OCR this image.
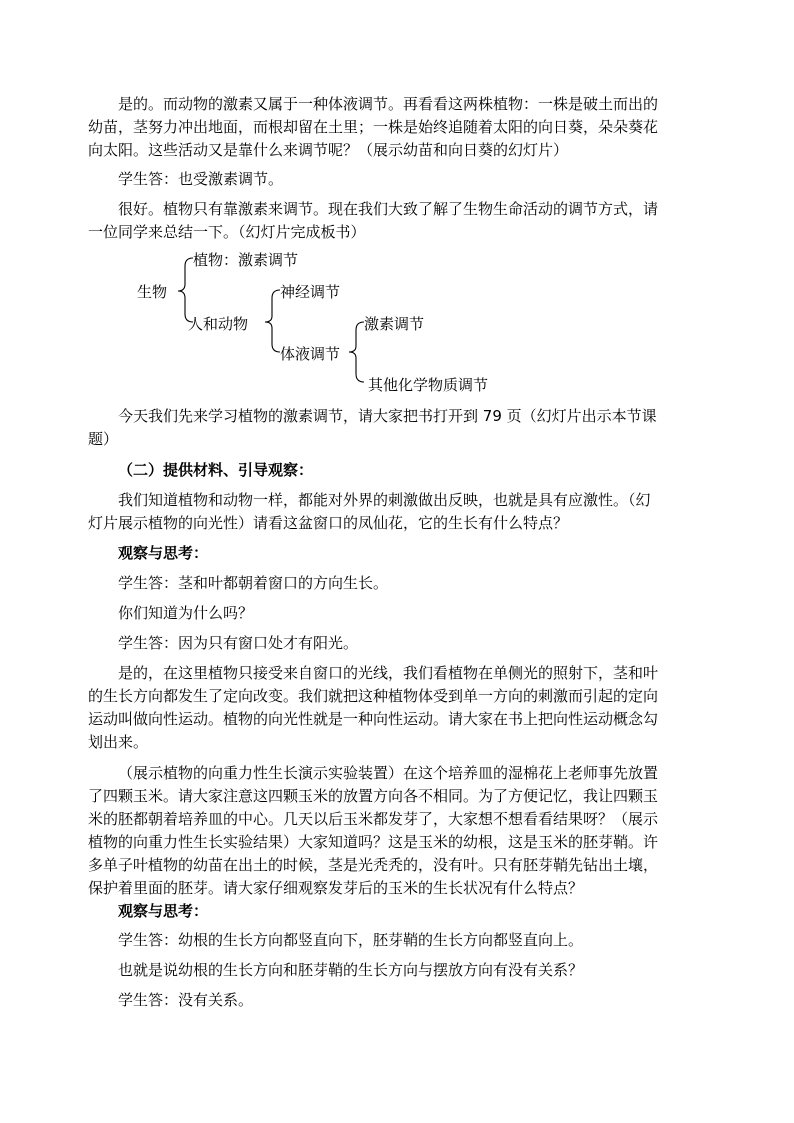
是的。而动物的激素又属于一种体液调节。再看看这两株植物：一株是破土而出的
幼苗，茎努力冲出地面，而根却留在土里；一株是始终追随着太阳的向日葵，朵朵葵花
向太阳。这些活动又是靠什么来调节呢？（展示幼苗和向日葵的幻灯片）
学生答：也受激素调节。
很好。植物只有靠激素来调节。现在我们大致了解了生物生命活动的调节方式，请
一位同学来总结一下。（幻灯片完成板书）
生物
植物：激素调节
人和动物
神经调节
体液调节
激素调节
其他化学物质调节
今天我们先来学习植物的激素调节，请大家把书打开到 79 页（幻灯片出示本节课
题）
（二）提供材料、引导观察：
我们知道植物和动物一样，都能对外界的刺激做出反映，也就是具有应激性。（幻
灯片展示植物的向光性）请看这盆窗口的凤仙花，它的生长有什么特点？
观察与思考：
学生答：茎和叶都朝着窗口的方向生长。
你们知道为什么吗？
学生答：因为只有窗口处才有阳光。
是的，在这里植物只接受来自窗口的光线，我们看植物在单侧光的照射下，茎和叶
的生长方向都发生了定向改变。我们就把这种植物体受到单一方向的刺激而引起的定向
运动叫做向性运动。植物的向光性就是一种向性运动。请大家在书上把向性运动概念勾
划出来。
（展示植物的向重力性生长演示实验装置）在这个培养皿的湿棉花上老师事先放置
了四颗玉米。请大家注意这四颗玉米的放置方向各不相同。为了方便记忆，我让四颗玉
米的胚都朝着培养皿的中心。几天以后玉米都发芽了，大家想不想看看结果呀？（展示
植物的向重力性生长实验结果）大家知道吗？这是玉米的幼根，这是玉米的胚芽鞘。许
多单子叶植物的幼苗在出土的时候，茎是光秃秃的，没有叶。只有胚芽鞘先钻出土壤，
保护着里面的胚芽。请大家仔细观察发芽后的玉米的生长状况有什么特点？
观察与思考：
学生答：幼根的生长方向都竖直向下，胚芽鞘的生长方向都竖直向上。
也就是说幼根的生长方向和胚芽鞘的生长方向与摆放方向有没有关系？
学生答：没有关系。
